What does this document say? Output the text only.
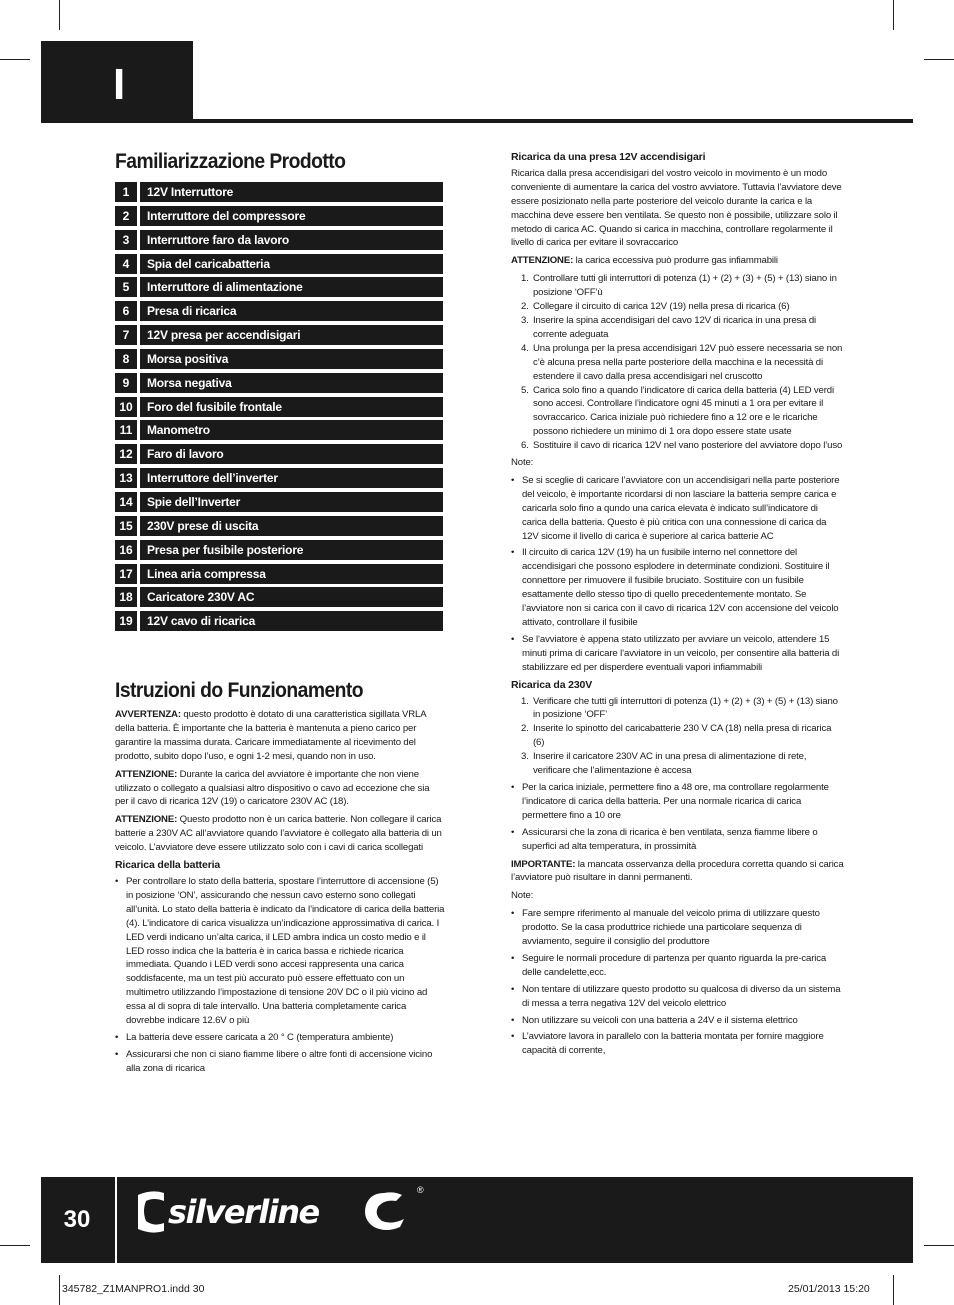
I
Familiarizzazione Prodotto
1	12V Interruttore
2	Interruttore del compressore
3	Interruttore faro da lavoro
4	Spia del caricabatteria
5	Interruttore di alimentazione
6	Presa di ricarica
7	12V presa per accendisigari
8	Morsa positiva
9	Morsa negativa
10	Foro del fusibile frontale
11	Manometro
12	Faro di lavoro
13	Interruttore dell’inverter
14	Spie dell’Inverter
15	230V prese di uscita
16	Presa per fusibile posteriore
17	Linea aria compressa
18	Caricatore 230V AC
19	12V cavo di ricarica
Istruzioni do Funzionamento

AVVERTENZA: questo prodotto è dotato di una caratteristica sigillata VRLA della batteria. È importante che la batteria è mantenuta a pieno carico per garantire la massima durata. Caricare immediatamente al ricevimento del prodotto, subito dopo l’uso, e ogni 1-2 mesi, quando non in uso.

ATTENZIONE: Durante la carica del avviatore è importante che non viene utilizzato o collegato a qualsiasi altro dispositivo o cavo ad eccezione che sia per il cavo di ricarica 12V (19) o caricatore 230V AC (18).

ATTENZIONE: Questo prodotto non è un carica batterie. Non collegare il carica batterie a 230V AC all’avviatore quando l’avviatore è collegato alla batteria di un veicolo. L’avviatore deve essere utilizzato solo con i cavi di carica scollegati

Ricarica della batteria
• Per controllare lo stato della batteria, spostare l’interruttore di accensione (5) in posizione ‘ON’, assicurando che nessun cavo esterno sono collegati all’unità. Lo stato della batteria è indicato da l’indicatore di carica della batteria (4). L’indicatore di carica visualizza un’indicazione approssimativa di carica. I LED verdi indicano un’alta carica, il LED ambra indica un costo medio e il LED rosso indica che la batteria è in carica bassa e richiede ricarica immediata. Quando i LED verdi sono accesi rappresenta una carica soddisfacente, ma un test più accurato può essere effettuato con un multimetro utilizzando l’impostazione di tensione 20V DC o il più vicino ad essa al di sopra di tale intervallo. Una batteria completamente carica dovrebbe indicare 12.6V o più
• La batteria deve essere caricata a 20 ° C (temperatura ambiente)
• Assicurarsi che non ci siano fiamme libere o altre fonti di accensione vicino alla zona di ricarica
Ricarica da una presa 12V accendisigari

Ricarica dalla presa accendisigari del vostro veicolo in movimento è un modo conveniente di aumentare la carica del vostro avviatore. Tuttavia l’avviatore deve essere posizionato nella parte posteriore del veicolo durante la carica e la macchina deve essere ben ventilata. Se questo non è possibile, utilizzare solo il metodo di carica AC. Quando si carica in macchina, controllare regolarmente il livello di carica per evitare il sovraccarico

ATTENZIONE: la carica eccessiva può produrre gas infiammabili

1. Controllare tutti gli interruttori di potenza (1) + (2) + (3) + (5) + (13) siano in posizione ‘OFF’ù
2. Collegare il circuito di carica 12V (19) nella presa di ricarica (6)
3. Inserire la spina accendisigari del cavo 12V di ricarica in una presa di corrente adeguata
4. Una prolunga per la presa accendisigari 12V può essere necessaria se non c’è alcuna presa nella parte posteriore della macchina e la necessità di estendere il cavo dalla presa accendisigari nel cruscotto
5. Carica solo fino a quando l’indicatore di carica della batteria (4) LED verdi sono accesi. Controllare l’indicatore ogni 45 minuti a 1 ora per evitare il sovraccarico. Carica iniziale può richiedere fino a 12 ore e le ricariche possono richiedere un minimo di 1 ora dopo essere state usate
6. Sostituire il cavo di ricarica 12V nel vano posteriore del avviatore dopo l’uso

Note:

• Se si sceglie di caricare l’avviatore con un accendisigari nella parte posteriore del veicolo, è importante ricordarsi di non lasciare la batteria sempre carica e caricarla solo fino a qundo una carica elevata è indicato sull’indicatore di carica della batteria. Questo è più critica con una connessione di carica da 12V sicome il livello di carica è superiore al carica batterie AC
• Il circuito di carica 12V (19) ha un fusibile interno nel connettore del accendisigari che possono esplodere in determinate condizioni. Sostituire il connettore per rimuovere il fusibile bruciato. Sostituire con un fusibile esattamente dello stesso tipo di quello precedentemente montato. Se l’avviatore non si carica con il cavo di ricarica 12V con accensione del veicolo attivato, controllare il fusibile
• Se l’avviatore è appena stato utilizzato per avviare un veicolo, attendere 15 minuti prima di caricare l’avviatore in un veicolo, per consentire alla batteria di stabilizzare ed per disperdere eventuali vapori infiammabili
Ricarica da 230V
1. Verificare che tutti gli interruttori di potenza (1) + (2) + (3) + (5) + (13) siano in posizione ‘OFF’
2. Inserite lo spinotto del caricabatterie 230 V CA (18) nella presa di ricarica (6)
3. Inserire il caricatore 230V AC in una presa di alimentazione di rete, verificare che l’alimentazione è accesa
• Per la carica iniziale, permettere fino a 48 ore, ma controllare regolarmente l’indicatore di carica della batteria. Per una normale ricarica di carica permettere fino a 10 ore
• Assicurarsi che la zona di ricarica è ben ventilata, senza fiamme libere o superfici ad alta temperatura, in prossimità

IMPORTANTE: la mancata osservanza della procedura corretta quando si carica l’avviatore può risultare in danni permanenti.

Note:

• Fare sempre riferimento al manuale del veicolo prima di utilizzare questo prodotto. Se la casa produttrice richiede una particolare sequenza di avviamento, seguire il consiglio del produttore
• Seguire le normali procedure di partenza per quanto riguarda la pre-carica delle candelette,ecc.
• Non tentare di utilizzare questo prodotto su qualcosa di diverso da un sistema di messa a terra negativa 12V del veicolo elettrico
• Non utilizzare su veicoli con una batteria a 24V e il sistema elettrico
• L’avviatore lavora in parallelo con la batteria montata per fornire maggiore capacità di corrente,
30	silverline
®
345782_Z1MANPRO1.indd 30	25/01/2013 15:20
